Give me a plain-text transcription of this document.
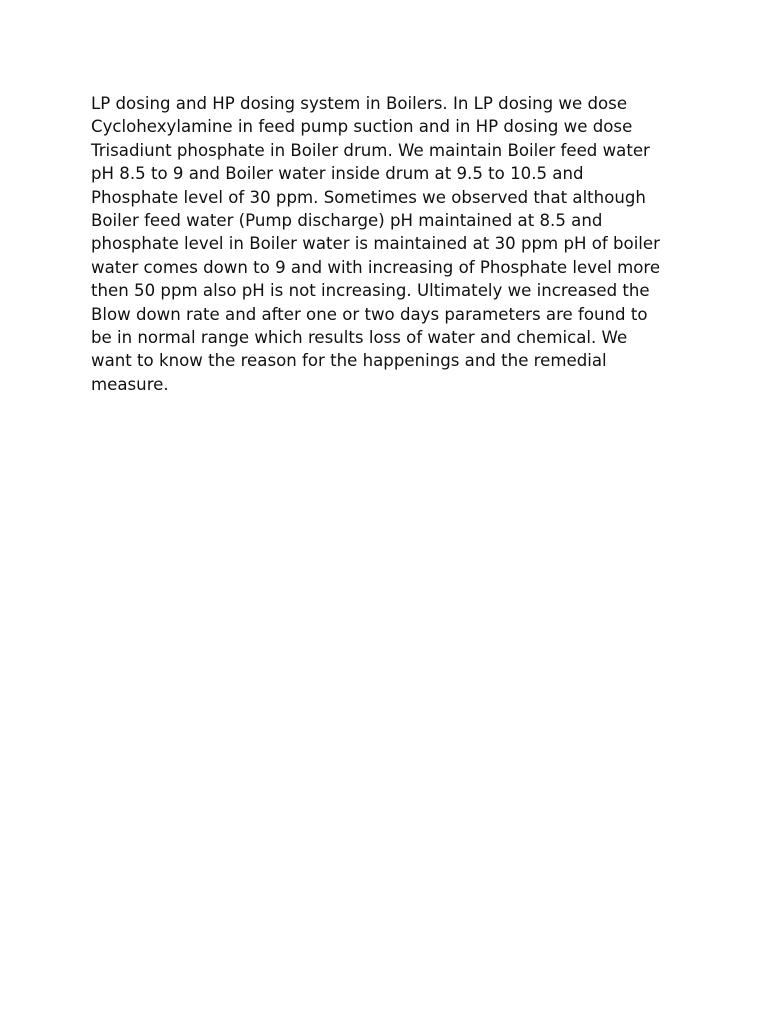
LP dosing and HP dosing system in Boilers. In LP dosing we dose
Cyclohexylamine in feed pump suction and in HP dosing we dose
Trisadiunt phosphate in Boiler drum. We maintain Boiler feed water
pH 8.5 to 9 and Boiler water inside drum at 9.5 to 10.5 and
Phosphate level of 30 ppm. Sometimes we observed that although
Boiler feed water (Pump discharge) pH maintained at 8.5 and
phosphate level in Boiler water is maintained at 30 ppm pH of boiler
water comes down to 9 and with increasing of Phosphate level more
then 50 ppm also pH is not increasing. Ultimately we increased the
Blow down rate and after one or two days parameters are found to
be in normal range which results loss of water and chemical. We
want to know the reason for the happenings and the remedial
measure.
